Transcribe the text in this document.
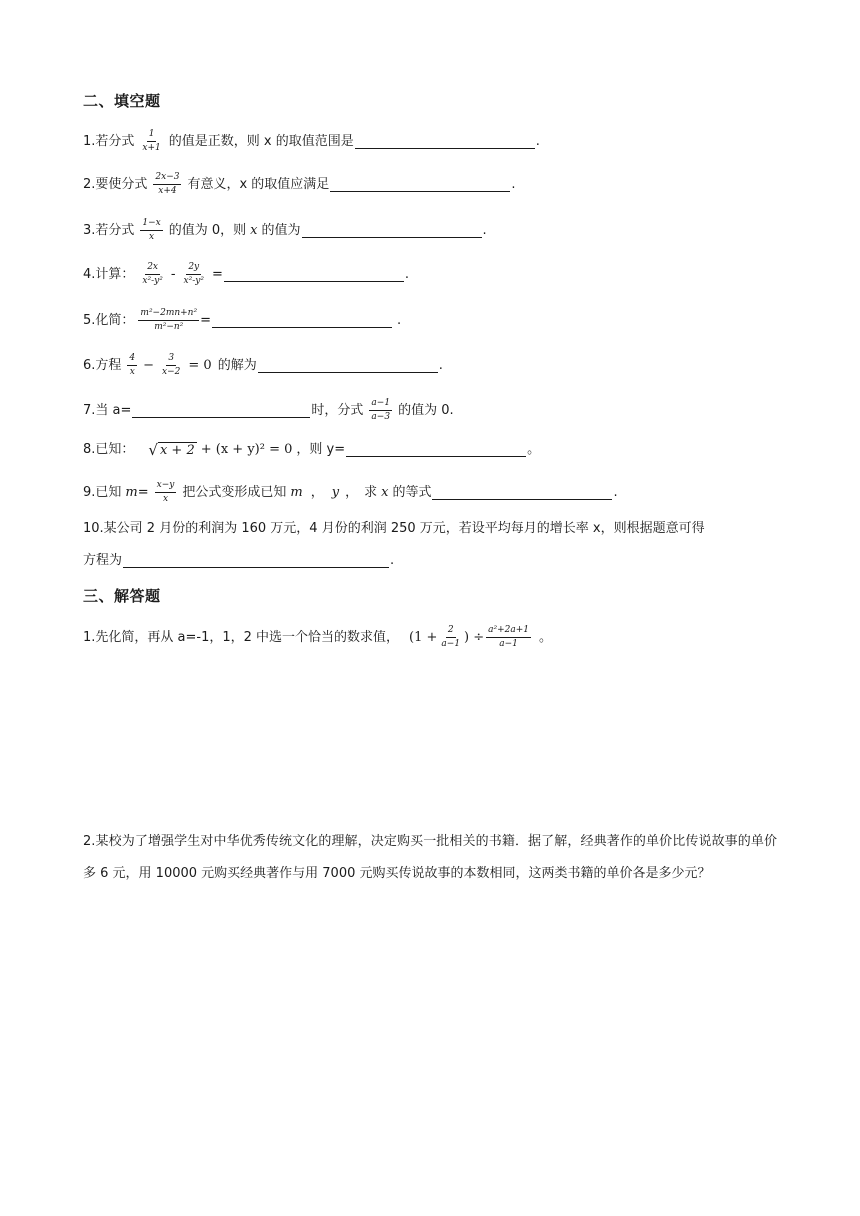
二、填空题
1.若分式 $\frac{1}{x+1}$ 的值是正数，则 x 的取值范围是	.
2.要使分式 $\frac{2x-3}{x+4}$ 有意义，x 的取值应满足	.
3.若分式 $\frac{1-x}{x}$ 的值为 0，则 x 的值为	.
4.计算： $\frac{2x}{\text{x²-y²}} - \frac{2y}{\text{x²-y²}}$ =	.
5.化简： $\frac{\text{m²−2mn+n²}}{\text{m²−n²}}$ =	.
6.方程 $\frac{4}{x} - \frac{3}{x-2} = 0$ 的解为	.
7.当 a=	时，分式 $\frac{a-1}{a-3}$ 的值为 0.
8.已知： √ x + 2 + (x + y)² = 0 ，则 y=	。
9.已知 $m = \frac{x-y}{x}$ 把公式变形成已知 m ， y ， 求 x 的等式	.
10.某公司 2 月份的利润为 160 万元，4 月份的利润 250 万元，若设平均每月的增长率 x，则根据题意可得
方程为	.
三、解答题
1.先化简，再从 a=-1，1，2 中选一个恰当的数求值， ($1 + \frac{2}{a-1}$ ) ÷ $\frac{\text{a²+2a+1}}{a-1}$ 。
2.某校为了增强学生对中华优秀传统文化的理解，决定购买一批相关的书籍．据了解，经典著作的单价比传说故事的单价多 6 元，用 10000 元购买经典著作与用 7000 元购买传说故事的本数相同，这两类书籍的单价各是多少元？
